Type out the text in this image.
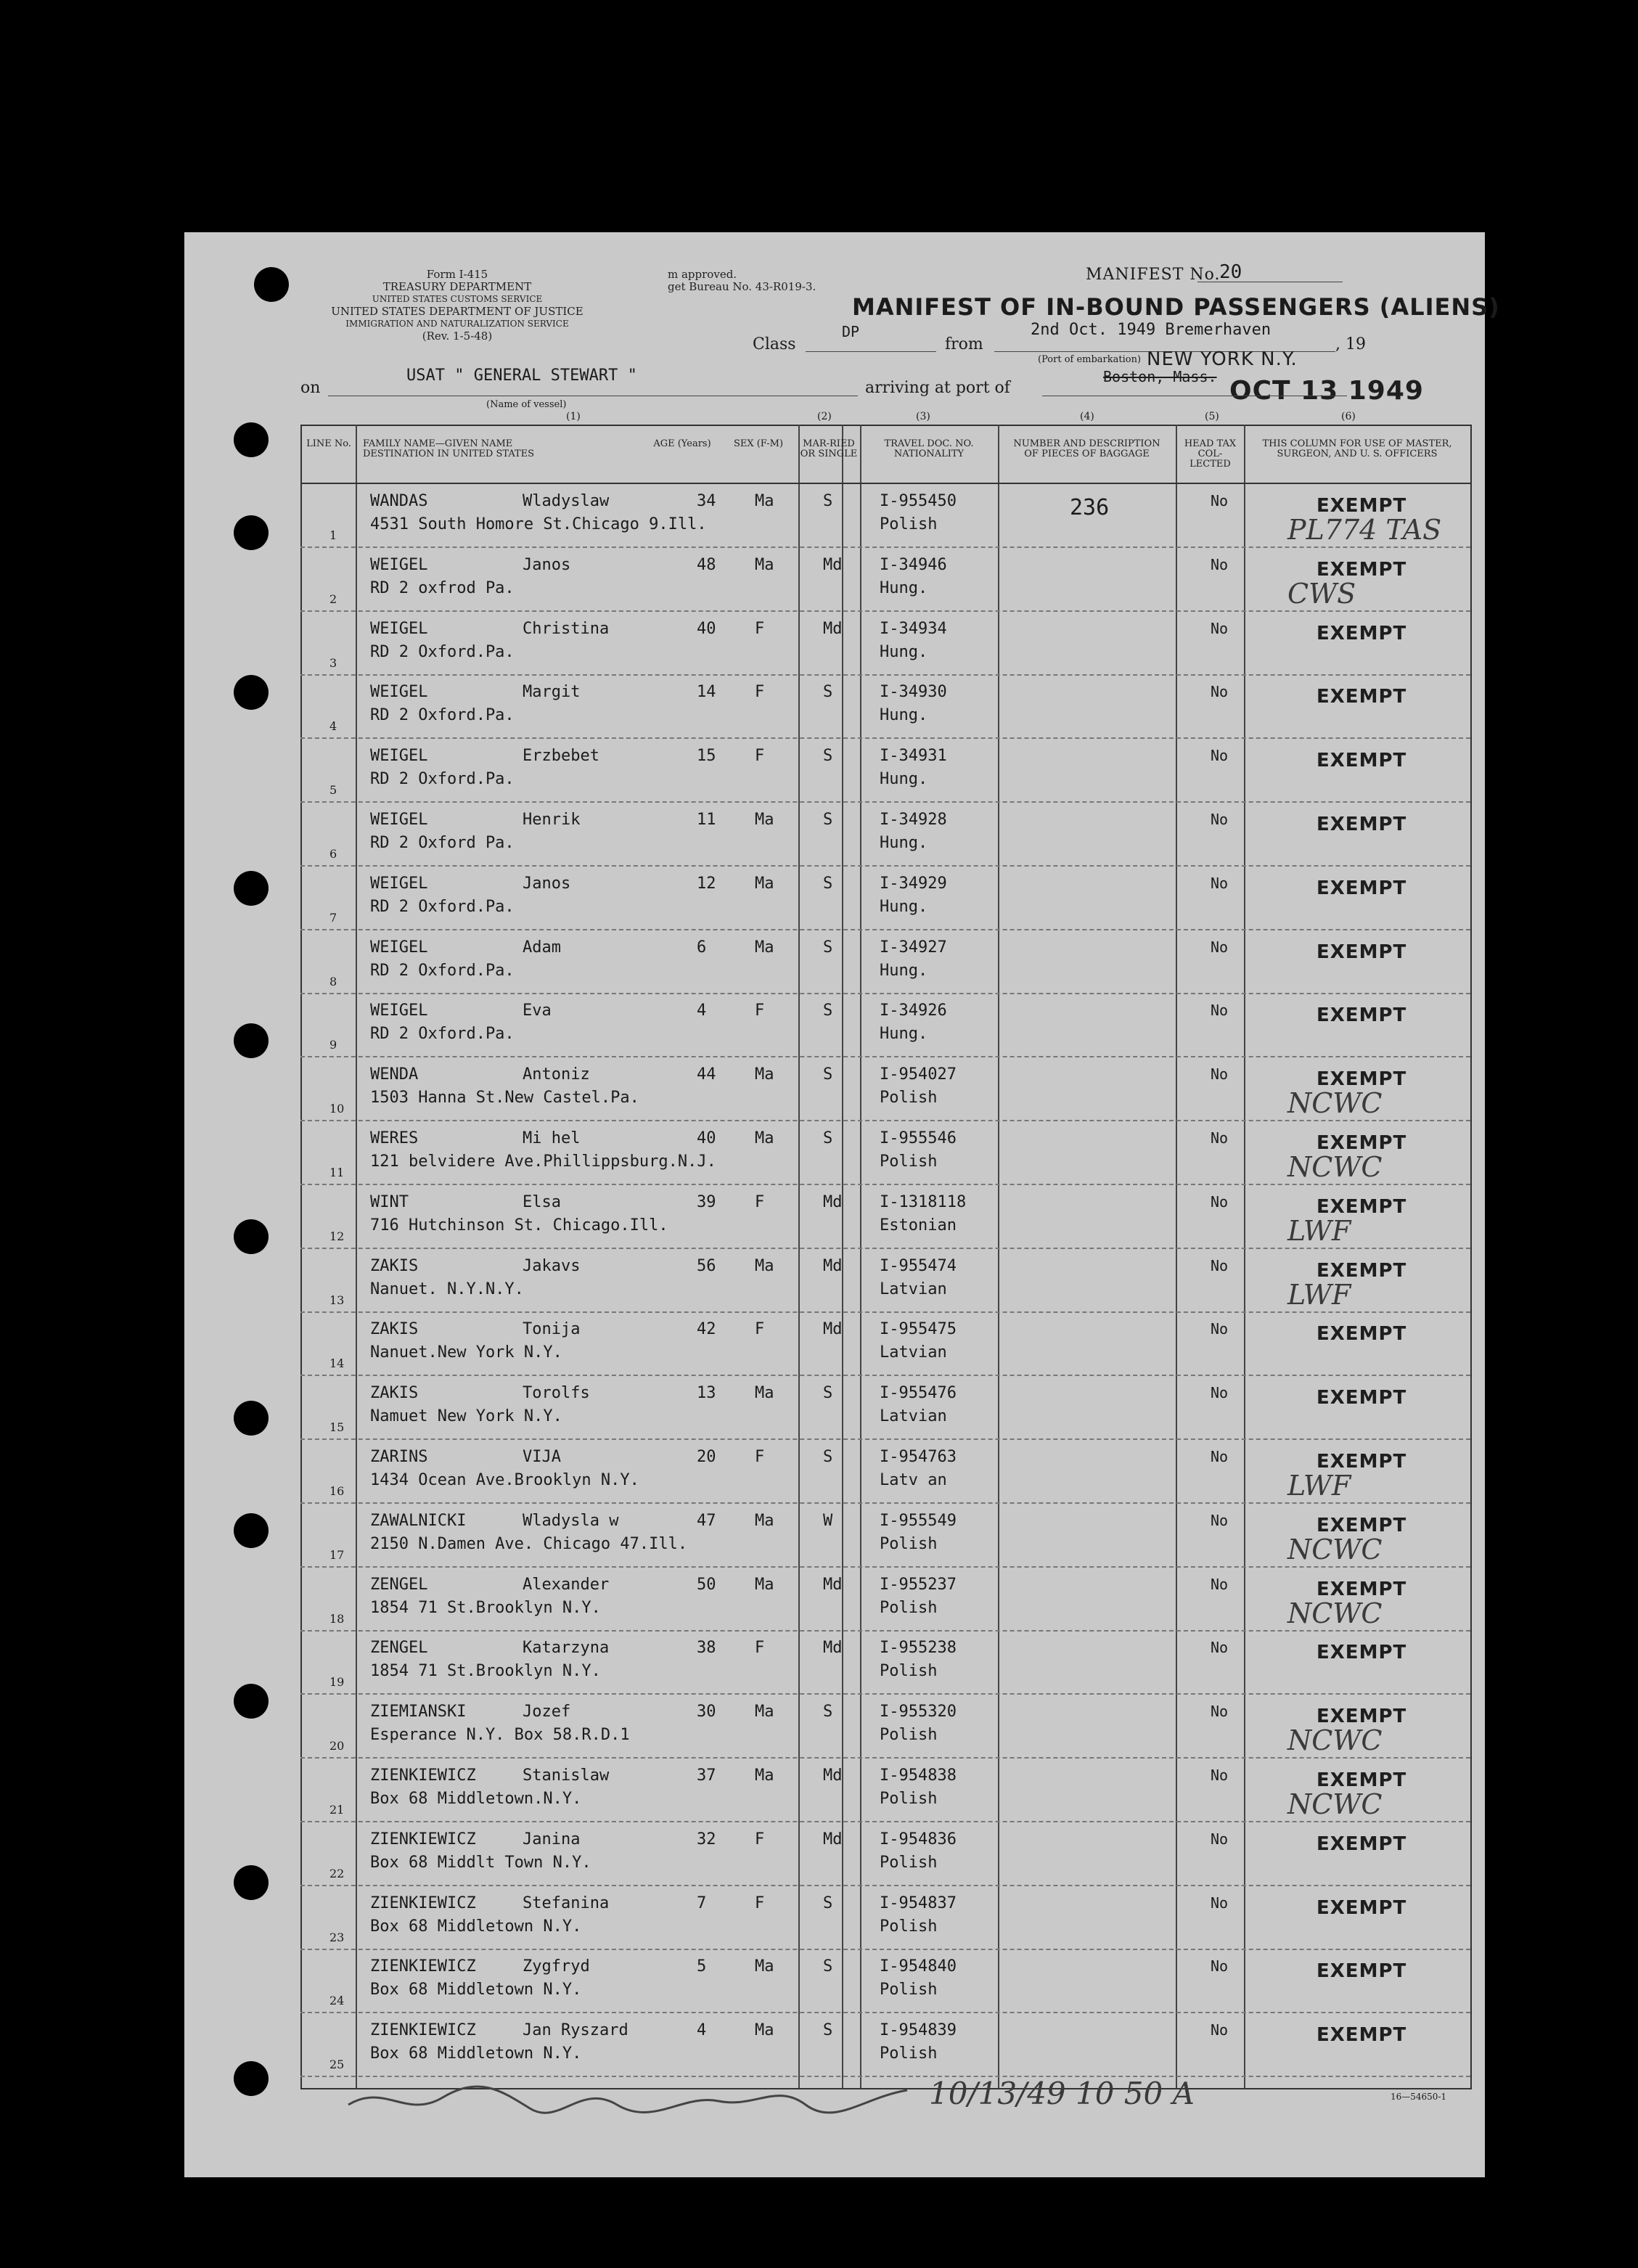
Form I-415
TREASURY DEPARTMENT
UNITED STATES CUSTOMS SERVICE
UNITED STATES DEPARTMENT OF JUSTICE
IMMIGRATION AND NATURALIZATION SERVICE
(Rev. 1-5-48)
m approved.
get Bureau No. 43-R019-3.
MANIFEST No.
20
MANIFEST OF IN-BOUND PASSENGERS (ALIENS)
Class
DP
from
2nd Oct. 1949 Bremerhaven
, 19
(Port of embarkation)
on
USAT " GENERAL STEWART "
(Name of vessel)
arriving at port of
Boston, Mass.
NEW YORK N.Y.
OCT 13 1949
(1)	(2)	(3)	(4)	(5)	(6)
LINE No. FAMILY NAME—GIVEN NAME DESTINATION IN UNITED STATES
AGE (Years) SEX (F-M)	MAR-RIED OR SINGLE
TRAVEL DOC. NO. NATIONALITY
NUMBER AND DESCRIPTION OF PIECES OF BAGGAGE
HEAD TAX COL-LECTED
THIS COLUMN FOR USE OF MASTER, SURGEON, AND U. S. OFFICERS
1
WANDAS	Wladyslaw
4531 South Homore St.Chicago 9.Ill.
34 Ma	S	I-955450
Polish
236	No	EXEMPT
PL774 TAS
2
WEIGEL	Janos
RD 2 oxfrod Pa.
48 Ma	Md I-34946
Hung.
No	EXEMPT
CWS
3
WEIGEL	Christina
RD 2 Oxford.Pa.
40 F	Md I-34934
Hung.
No	EXEMPT
4
WEIGEL	Margit
RD 2 Oxford.Pa.
14 F	S	I-34930
Hung.
No	EXEMPT
5
WEIGEL	Erzbebet
RD 2 Oxford.Pa.
15 F	S	I-34931
Hung.
No	EXEMPT
6
WEIGEL	Henrik
RD 2 Oxford Pa.
11 Ma	S	I-34928
Hung.
No	EXEMPT
7
WEIGEL	Janos
RD 2 Oxford.Pa.
12 Ma	S	I-34929
Hung.
No	EXEMPT
8
WEIGEL	Adam
RD 2 Oxford.Pa.
6	Ma	S	I-34927
Hung.
No	EXEMPT
9
WEIGEL	Eva
RD 2 Oxford.Pa.
4	F	S	I-34926
Hung.
No	EXEMPT
10
WENDA	Antoniz
1503 Hanna St.New Castel.Pa.
44 Ma	S	I-954027
Polish
No	EXEMPT
NCWC
11
WERES	Mi hel
121 belvidere Ave.Phillippsburg.N.J.
40 Ma	S	I-955546
Polish
No	EXEMPT
NCWC
12
WINT	Elsa
716 Hutchinson St. Chicago.Ill.
39 F	Md I-1318118
Estonian
No	EXEMPT
LWF
13
ZAKIS	Jakavs
Nanuet. N.Y.N.Y.
56 Ma	Md I-955474
Latvian
No	EXEMPT
LWF
14
ZAKIS	Tonija
Nanuet.New York N.Y.
42 F	Md I-955475
Latvian
No	EXEMPT
15
ZAKIS	Torolfs
Namuet New York N.Y.
13 Ma	S	I-955476
Latvian
No	EXEMPT
16
ZARINS	VIJA
1434 Ocean Ave.Brooklyn N.Y.
20 F	S	I-954763
Latv an
No	EXEMPT
LWF
17
ZAWALNICKI	Wladysla w
2150 N.Damen Ave. Chicago 47.Ill.
47 Ma	W	I-955549
Polish
No	EXEMPT
NCWC
18
ZENGEL	Alexander
1854 71 St.Brooklyn N.Y.
50 Ma	Md I-955237
Polish
No	EXEMPT
NCWC
19
ZENGEL	Katarzyna
1854 71 St.Brooklyn N.Y.
38 F	Md I-955238
Polish
No	EXEMPT
20
ZIEMIANSKI	Jozef
Esperance N.Y. Box 58.R.D.1
30 Ma	S	I-955320
Polish
No	EXEMPT
NCWC
21
ZIENKIEWICZ	Stanislaw
Box 68 Middletown.N.Y.
37 Ma	Md I-954838
Polish
No	EXEMPT
NCWC
22
ZIENKIEWICZ	Janina
Box 68 Middlt Town N.Y.
32 F	Md I-954836
Polish
No	EXEMPT
23
ZIENKIEWICZ	Stefanina
Box 68 Middletown N.Y.
7	F	S	I-954837
Polish
No	EXEMPT
24
ZIENKIEWICZ	Zygfryd
Box 68 Middletown N.Y.
5	Ma	S	I-954840
Polish
No	EXEMPT
25
ZIENKIEWICZ	Jan Ryszard
Box 68 Middletown N.Y.
4	Ma	S	I-954839
Polish
No	EXEMPT
16—54650-1
10/13/49 10 50 A
